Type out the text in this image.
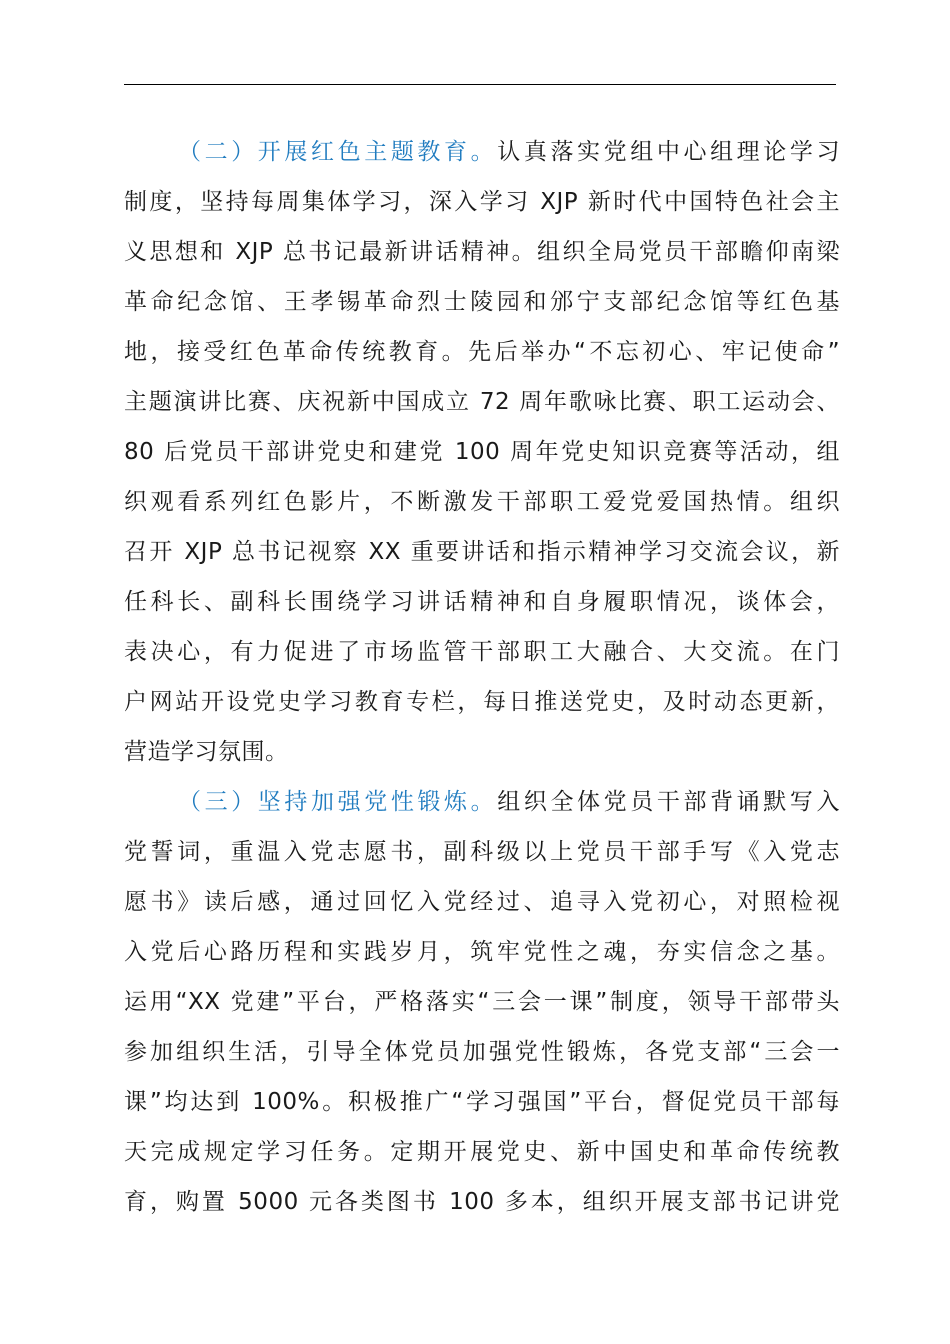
（二）开展红色主题教育。认真落实党组中心组理论学习
制度，坚持每周集体学习，深入学习 XJP 新时代中国特色社会主
义思想和 XJP 总书记最新讲话精神。组织全局党员干部瞻仰南梁
革命纪念馆、王孝锡革命烈士陵园和邠宁支部纪念馆等红色基
地，接受红色革命传统教育。先后举办“不忘初心、牢记使命”
主题演讲比赛、庆祝新中国成立 72 周年歌咏比赛、职工运动会、
80 后党员干部讲党史和建党 100 周年党史知识竞赛等活动，组
织观看系列红色影片，不断激发干部职工爱党爱国热情。组织
召开 XJP 总书记视察 XX 重要讲话和指示精神学习交流会议，新
任科长、副科长围绕学习讲话精神和自身履职情况，谈体会，
表决心，有力促进了市场监管干部职工大融合、大交流。在门
户网站开设党史学习教育专栏，每日推送党史，及时动态更新，
营造学习氛围。
（三）坚持加强党性锻炼。组织全体党员干部背诵默写入
党誓词，重温入党志愿书，副科级以上党员干部手写《入党志
愿书》读后感，通过回忆入党经过、追寻入党初心，对照检视
入党后心路历程和实践岁月，筑牢党性之魂，夯实信念之基。
运用“XX 党建”平台，严格落实“三会一课”制度，领导干部带头
参加组织生活，引导全体党员加强党性锻炼，各党支部“三会一
课”均达到 100%。积极推广“学习强国”平台，督促党员干部每
天完成规定学习任务。定期开展党史、新中国史和革命传统教
育，购置 5000 元各类图书 100 多本，组织开展支部书记讲党
